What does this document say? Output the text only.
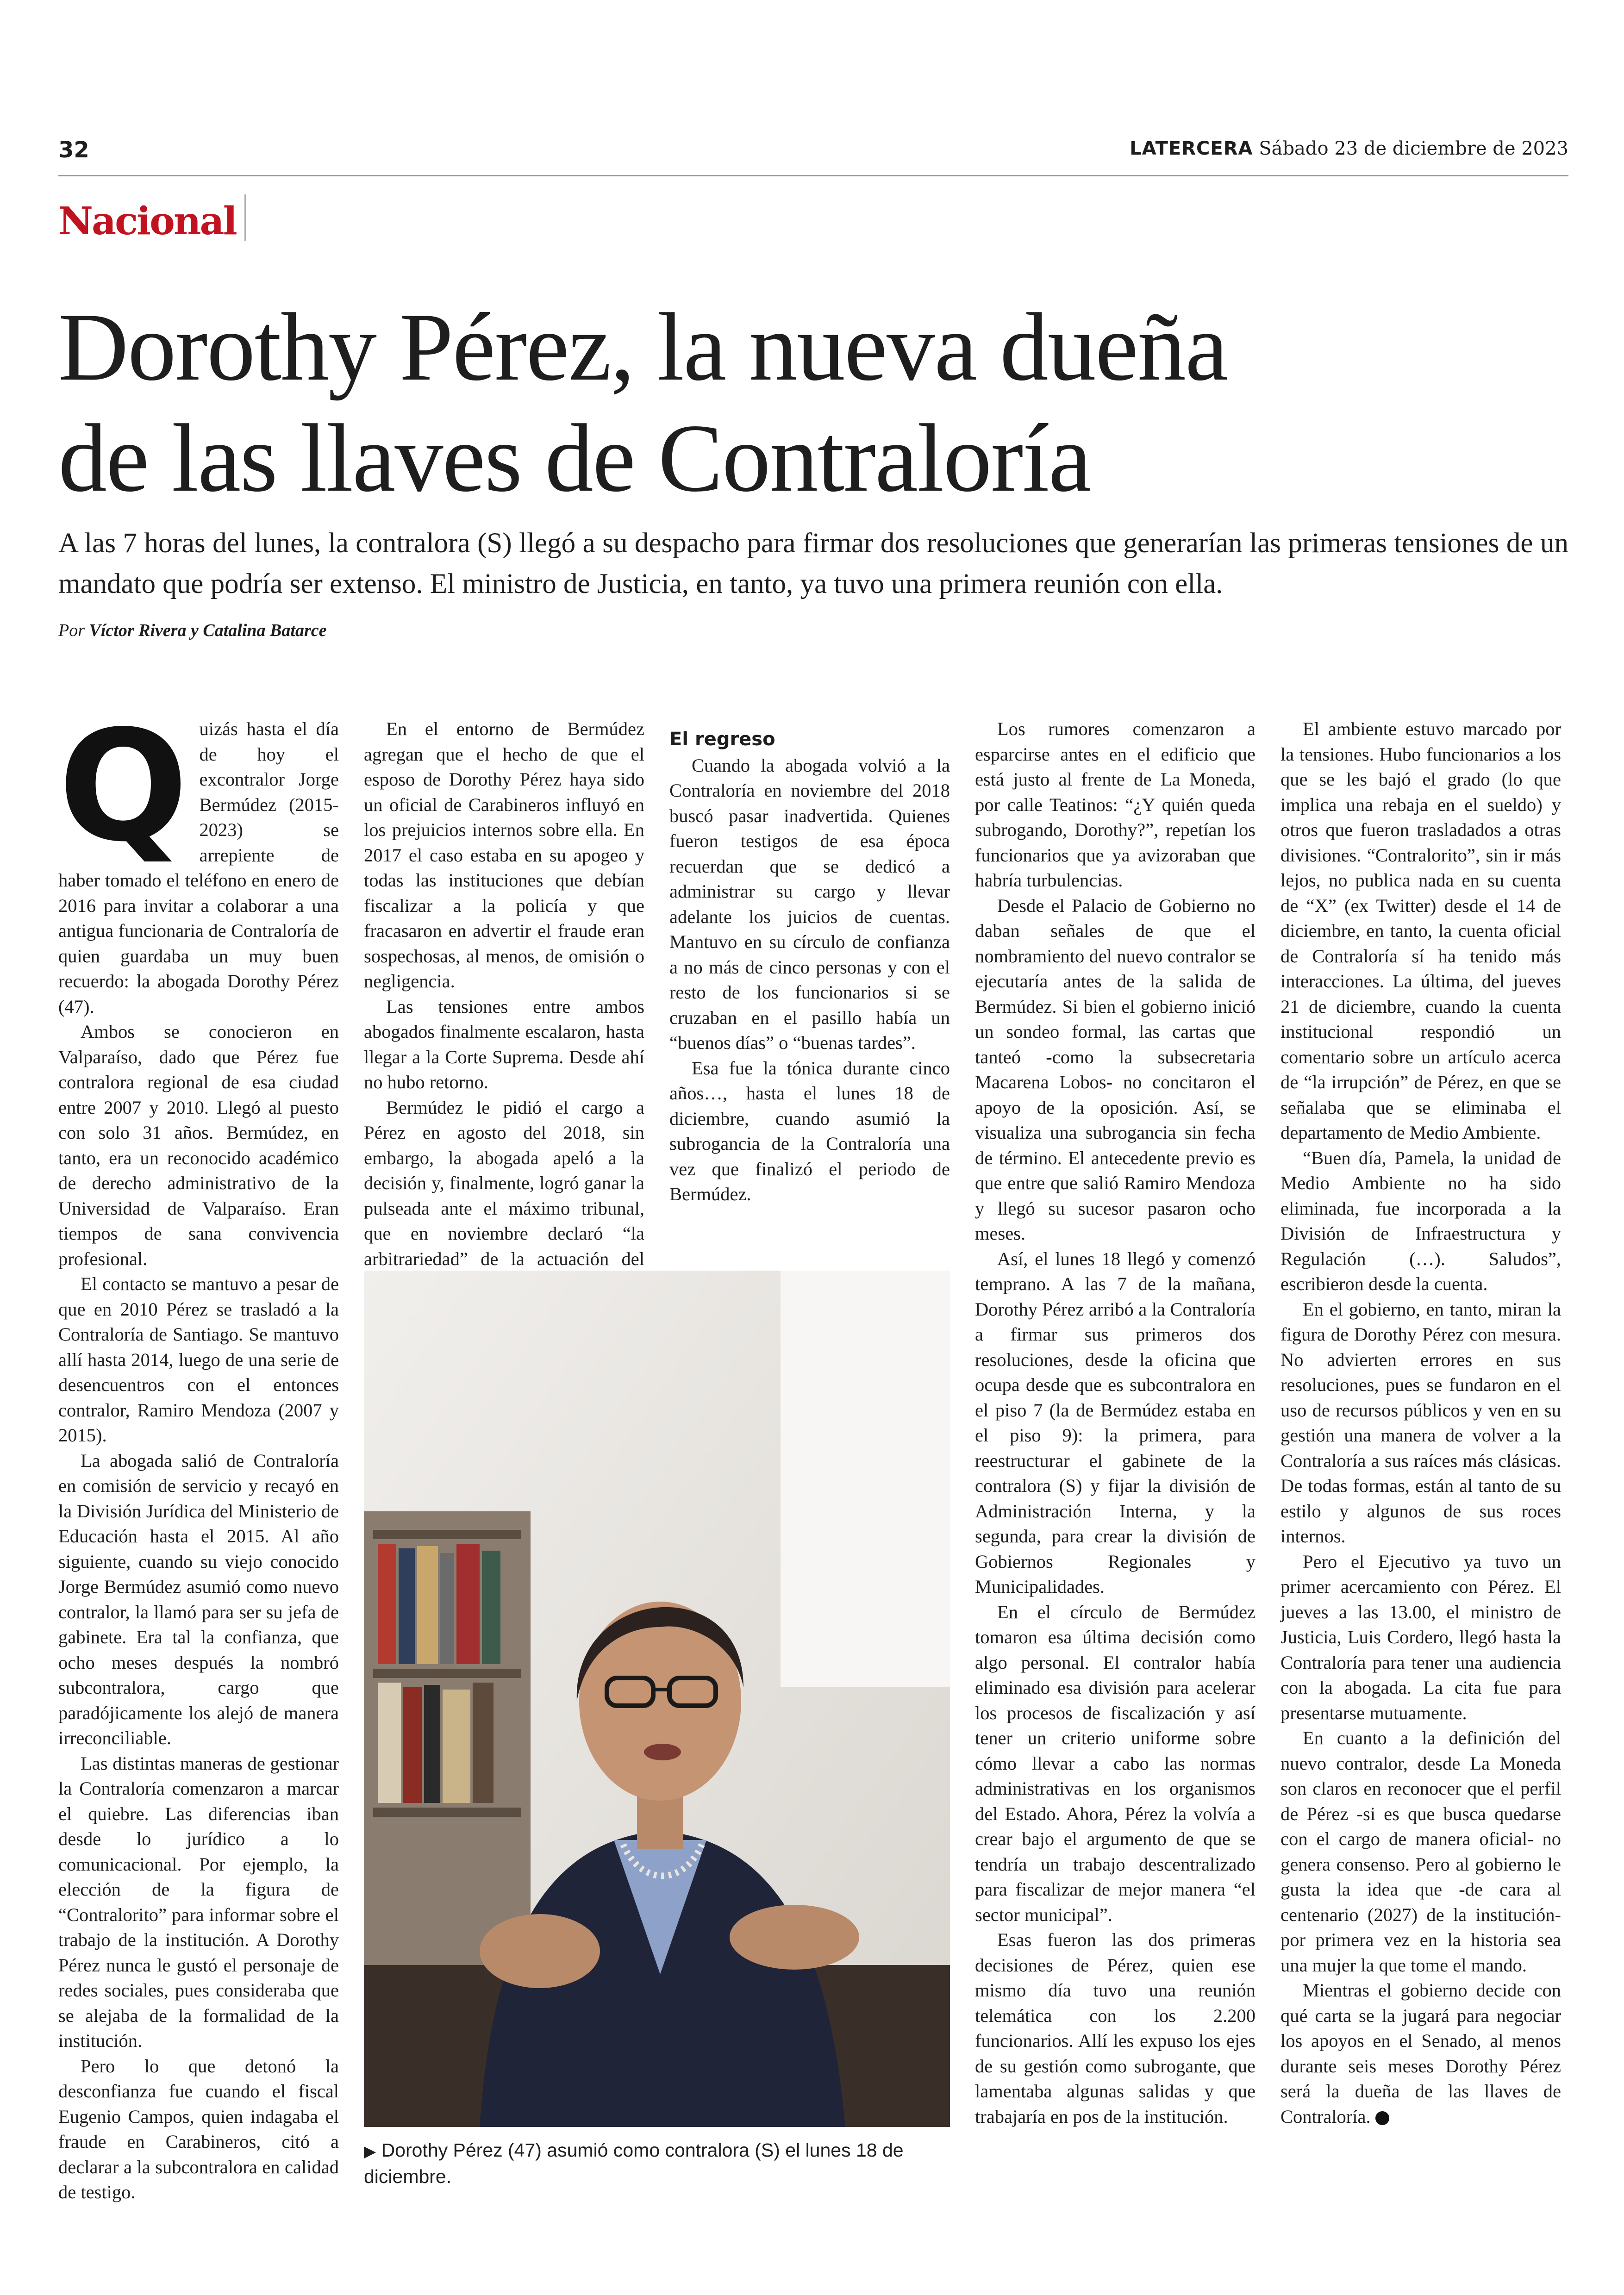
32	LATERCERA Sábado 23 de diciembre de 2023
Nacional
Dorothy Pérez, la nueva dueña
de las llaves de Contraloría
A las 7 horas del lunes, la contralora (S) llegó a su despacho para firmar dos resoluciones que generarían las primeras tensiones de un mandato que podría ser extenso. El ministro de Justicia, en tanto, ya tuvo una primera reunión con ella.
Por Víctor Rivera y Catalina Batarce
Q uizás hasta el día de hoy el excontralor Jorge Bermúdez (2015-2023) se arrepiente de haber tomado el teléfono en enero de 2016 para invitar a colaborar a una antigua funcionaria de Contraloría de quien guardaba un muy buen recuerdo: la abogada Dorothy Pérez (47).

Ambos se conocieron en Valparaíso, dado que Pérez fue contralora regional de esa ciudad entre 2007 y 2010. Llegó al puesto con solo 31 años. Bermúdez, en tanto, era un reconocido académico de derecho administrativo de la Universidad de Valparaíso. Eran tiempos de sana convivencia profesional.

El contacto se mantuvo a pesar de que en 2010 Pérez se trasladó a la Contraloría de Santiago. Se mantuvo allí hasta 2014, luego de una serie de desencuentros con el entonces contralor, Ramiro Mendoza (2007 y 2015).

La abogada salió de Contraloría en comisión de servicio y recayó en la División Jurídica del Ministerio de Educación hasta el 2015. Al año siguiente, cuando su viejo conocido Jorge Bermúdez asumió como nuevo contralor, la llamó para ser su jefa de gabinete. Era tal la confianza, que ocho meses después la nombró subcontralora, cargo que paradójicamente los alejó de manera irreconciliable.

Las distintas maneras de gestionar la Contraloría comenzaron a marcar el quiebre. Las diferencias iban desde lo jurídico a lo comunicacional. Por ejemplo, la elección de la figura de “Contralorito” para informar sobre el trabajo de la institución. A Dorothy Pérez nunca le gustó el personaje de redes sociales, pues consideraba que se alejaba de la formalidad de la institución.

Pero lo que detonó la desconfianza fue cuando el fiscal Eugenio Campos, quien indagaba el fraude en Carabineros, citó a declarar a la subcontralora en calidad de testigo.

En el entorno de Bermúdez agregan que el hecho de que el esposo de Dorothy Pérez haya sido un oficial de Carabineros influyó en los prejuicios internos sobre ella. En 2017 el caso estaba en su apogeo y todas las instituciones que debían fiscalizar a la policía y que fracasaron en advertir el fraude eran sospechosas, al menos, de omisión o negligencia.

Las tensiones entre ambos abogados finalmente escalaron, hasta llegar a la Corte Suprema. Desde ahí no hubo retorno.

Bermúdez le pidió el cargo a Pérez en agosto del 2018, sin embargo, la abogada apeló a la decisión y, finalmente, logró ganar la pulseada ante el máximo tribunal, que en noviembre declaró “la arbitrariedad” de la actuación del

El regreso

Cuando la abogada volvió a la Contraloría en noviembre del 2018 buscó pasar inadvertida. Quienes fueron testigos de esa época recuerdan que se dedicó a administrar su cargo y llevar adelante los juicios de cuentas. Mantuvo en su círculo de confianza a no más de cinco personas y con el resto de los funcionarios si se cruzaban en el pasillo había un “buenos días” o “buenas tardes”.

Esa fue la tónica durante cinco años…, hasta el lunes 18 de diciembre, cuando asumió la subrogancia de la Contraloría una vez que finalizó el periodo de Bermúdez.

Los rumores comenzaron a esparcirse antes en el edificio que está justo al frente de La Moneda, por calle Teatinos: “¿Y quién queda subrogando, Dorothy?”, repetían los funcionarios que ya avizoraban que habría turbulencias.

Desde el Palacio de Gobierno no daban señales de que el nombramiento del nuevo contralor se ejecutaría antes de la salida de Bermúdez. Si bien el gobierno inició un sondeo formal, las cartas que tanteó -como la subsecretaria Macarena Lobos- no concitaron el apoyo de la oposición. Así, se visualiza una subrogancia sin fecha de término. El antecedente previo es que entre que salió Ramiro Mendoza y llegó su sucesor pasaron ocho meses.

Así, el lunes 18 llegó y comenzó temprano. A las 7 de la mañana, Dorothy Pérez arribó a la Contraloría a firmar sus primeros dos resoluciones, desde la oficina que ocupa desde que es subcontralora en el piso 7 (la de Bermúdez estaba en el piso 9): la primera, para reestructurar el gabinete de la contralora (S) y fijar la división de Administración Interna, y la segunda, para crear la división de Gobiernos Regionales y Municipalidades.

En el círculo de Bermúdez tomaron esa última decisión como algo personal. El contralor había eliminado esa división para acelerar los procesos de fiscalización y así tener un criterio uniforme sobre cómo llevar a cabo las normas administrativas en los organismos del Estado. Ahora, Pérez la volvía a crear bajo el argumento de que se tendría un trabajo descentralizado para fiscalizar de mejor manera “el sector municipal”.

Esas fueron las dos primeras decisiones de Pérez, quien ese mismo día tuvo una reunión telemática con los 2.200 funcionarios. Allí les expuso los ejes de su gestión como subrogante, que lamentaba algunas salidas y que trabajaría en pos de la institución.

El ambiente estuvo marcado por la tensiones. Hubo funcionarios a los que se les bajó el grado (lo que implica una rebaja en el sueldo) y otros que fueron trasladados a otras divisiones. “Contralorito”, sin ir más lejos, no publica nada en su cuenta de “X” (ex Twitter) desde el 14 de diciembre, en tanto, la cuenta oficial de Contraloría sí ha tenido más interacciones. La última, del jueves 21 de diciembre, cuando la cuenta institucional respondió un comentario sobre un artículo acerca de “la irrupción” de Pérez, en que se señalaba que se eliminaba el departamento de Medio Ambiente.

“Buen día, Pamela, la unidad de Medio Ambiente no ha sido eliminada, fue incorporada a la División de Infraestructura y Regulación (…). Saludos”, escribieron desde la cuenta.

En el gobierno, en tanto, miran la figura de Dorothy Pérez con mesura. No advierten errores en sus resoluciones, pues se fundaron en el uso de recursos públicos y ven en su gestión una manera de volver a la Contraloría a sus raíces más clásicas. De todas formas, están al tanto de su estilo y algunos de sus roces internos.

Pero el Ejecutivo ya tuvo un primer acercamiento con Pérez. El jueves a las 13.00, el ministro de Justicia, Luis Cordero, llegó hasta la Contraloría para tener una audiencia con la abogada. La cita fue para presentarse mutuamente.

En cuanto a la definición del nuevo contralor, desde La Moneda son claros en reconocer que el perfil de Pérez -si es que busca quedarse con el cargo de manera oficial- no genera consenso. Pero al gobierno le gusta la idea que -de cara al centenario (2027) de la institución- por primera vez en la historia sea una mujer la que tome el mando.

Mientras el gobierno decide con qué carta se la jugará para negociar los apoyos en el Senado, al menos durante seis meses Dorothy Pérez será la dueña de las llaves de Contraloría.

▶ Dorothy Pérez (47) asumió como contralora (S) el lunes 18 de diciembre.
